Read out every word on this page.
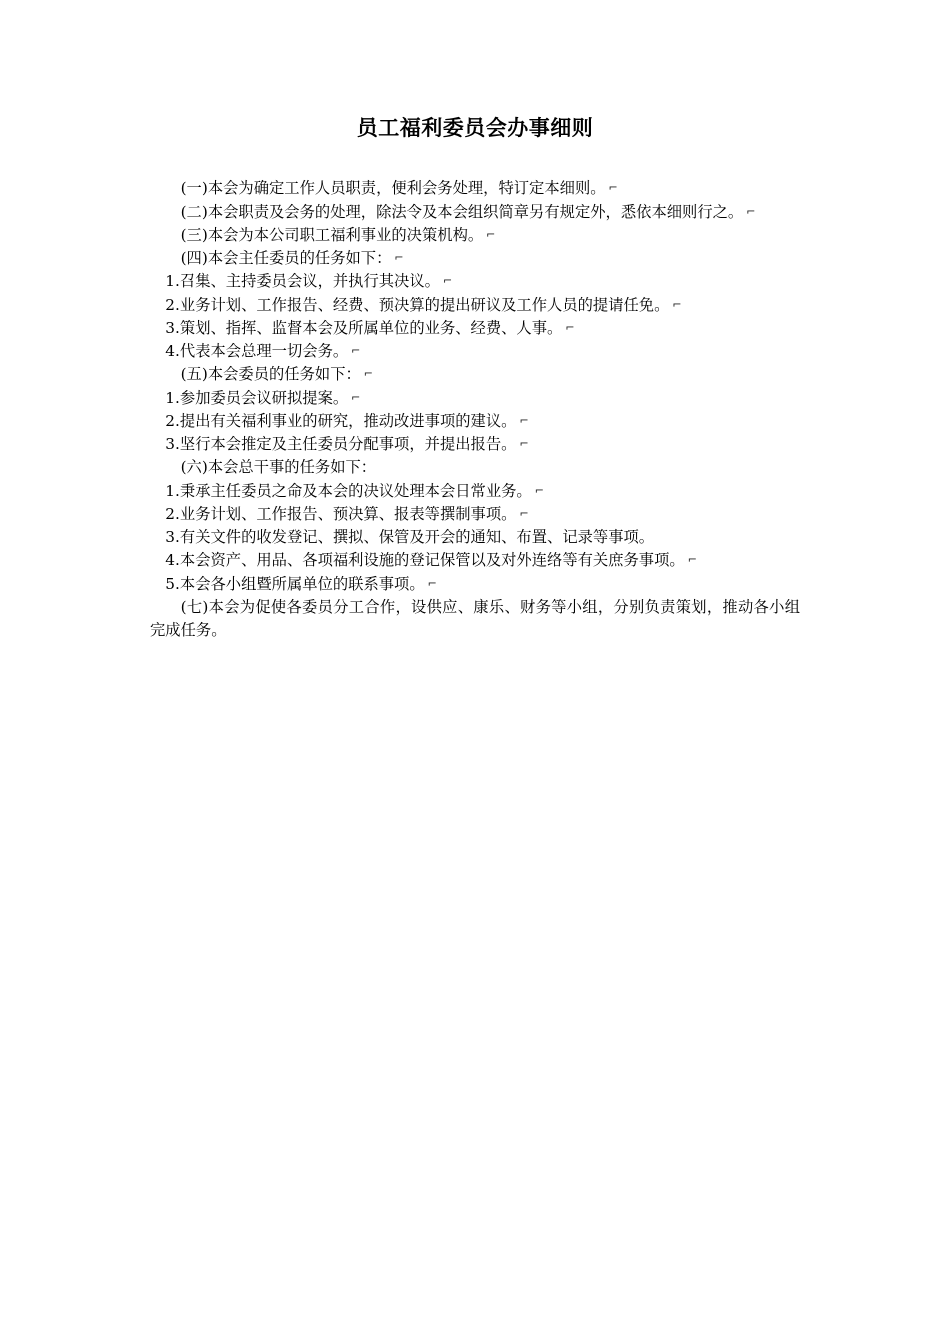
员工福利委员会办事细则
(一)本会为确定工作人员职责，便利会务处理，特订定本细则。 ⌐
(二)本会职责及会务的处理，除法令及本会组织简章另有规定外，悉依本细则行之。 ⌐
(三)本会为本公司职工福利事业的决策机构。 ⌐
(四)本会主任委员的任务如下： ⌐
1.召集、主持委员会议，并执行其决议。 ⌐
2.业务计划、工作报告、经费、预决算的提出研议及工作人员的提请任免。 ⌐
3.策划、指挥、监督本会及所属单位的业务、经费、人事。 ⌐
4.代表本会总理一切会务。 ⌐
(五)本会委员的任务如下： ⌐
1.参加委员会议研拟提案。 ⌐
2.提出有关福利事业的研究，推动改进事项的建议。 ⌐
3.坚行本会推定及主任委员分配事项，并提出报告。 ⌐
(六)本会总干事的任务如下：
1.秉承主任委员之命及本会的决议处理本会日常业务。 ⌐
2.业务计划、工作报告、预决算、报表等撰制事项。 ⌐
3.有关文件的收发登记、撰拟、保管及开会的通知、布置、记录等事项。
4.本会资产、用品、各项福利设施的登记保管以及对外连络等有关庶务事项。 ⌐
5.本会各小组暨所属单位的联系事项。 ⌐
(七)本会为促使各委员分工合作，设供应、康乐、财务等小组，分别负责策划，推动各小组完成任务。
